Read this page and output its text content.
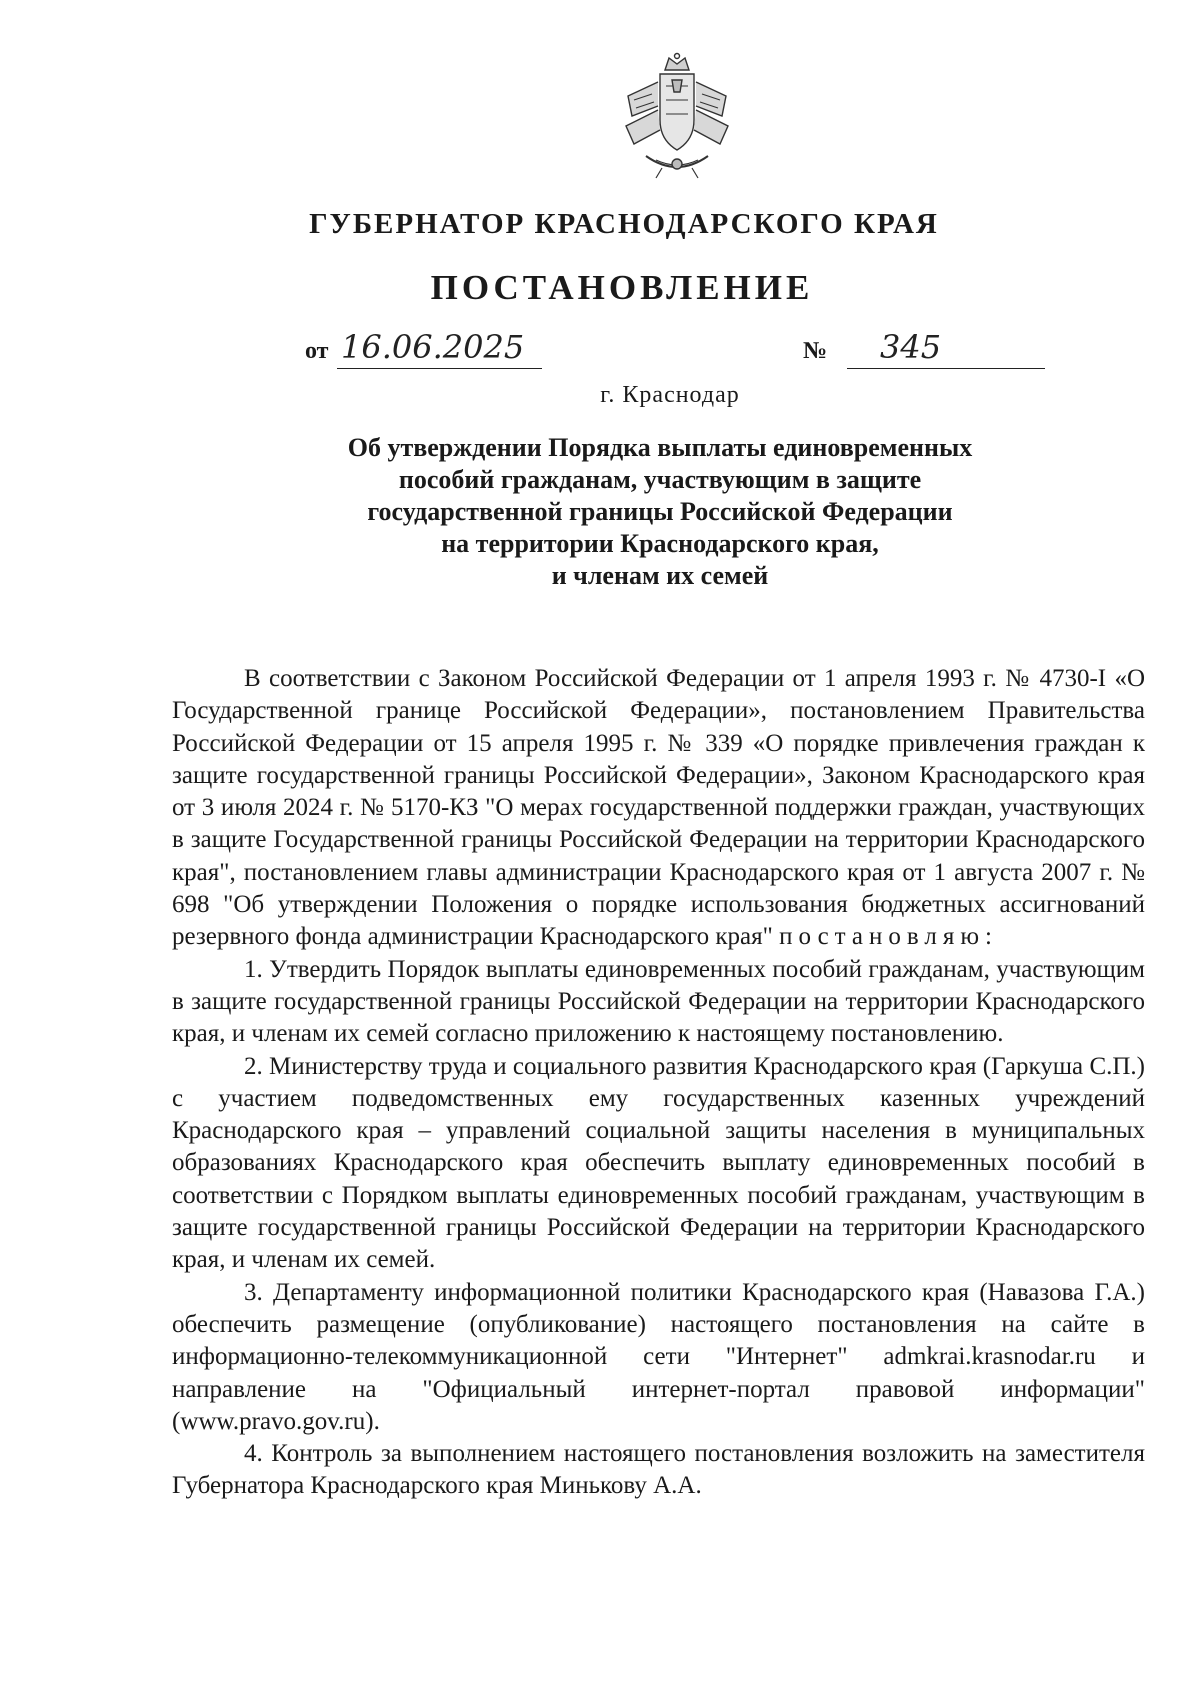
ГУБЕРНАТОР КРАСНОДАРСКОГО КРАЯ
ПОСТАНОВЛЕНИЕ
от 16.06.2025	№ 345
г. Краснодар
Об утверждении Порядка выплаты единовременных
пособий гражданам, участвующим в защите
государственной границы Российской Федерации
на территории Краснодарского края,
и членам их семей

В соответствии с Законом Российской Федерации от 1 апреля 1993 г. № 4730-I «О Государственной границе Российской Федерации», постановлением Правительства Российской Федерации от 15 апреля 1995 г. № 339 «О порядке привлечения граждан к защите государственной границы Российской Федерации», Законом Краснодарского края от 3 июля 2024 г. № 5170-КЗ "О мерах государственной поддержки граждан, участвующих в защите Государственной границы Российской Федерации на территории Краснодарского края", постановлением главы администрации Краснодарского края от 1 августа 2007 г. № 698 "Об утверждении Положения о порядке использования бюджетных ассигнований резервного фонда администрации Краснодарского края" постановляю:

1. Утвердить Порядок выплаты единовременных пособий гражданам, участвующим в защите государственной границы Российской Федерации на территории Краснодарского края, и членам их семей согласно приложению к настоящему постановлению.

2. Министерству труда и социального развития Краснодарского края (Гаркуша С.П.) с участием подведомственных ему государственных казенных учреждений Краснодарского края – управлений социальной защиты населения в муниципальных образованиях Краснодарского края обеспечить выплату единовременных пособий в соответствии с Порядком выплаты единовременных пособий гражданам, участвующим в защите государственной границы Российской Федерации на территории Краснодарского края, и членам их семей.

3. Департаменту информационной политики Краснодарского края (Навазова Г.А.) обеспечить размещение (опубликование) настоящего постановления на сайте в информационно-телекоммуникационной сети "Интернет" admkrai.krasnodar.ru и направление на "Официальный интернет-портал правовой информации" (www.pravo.gov.ru).

4. Контроль за выполнением настоящего постановления возложить на заместителя Губернатора Краснодарского края Минькову А.А.
